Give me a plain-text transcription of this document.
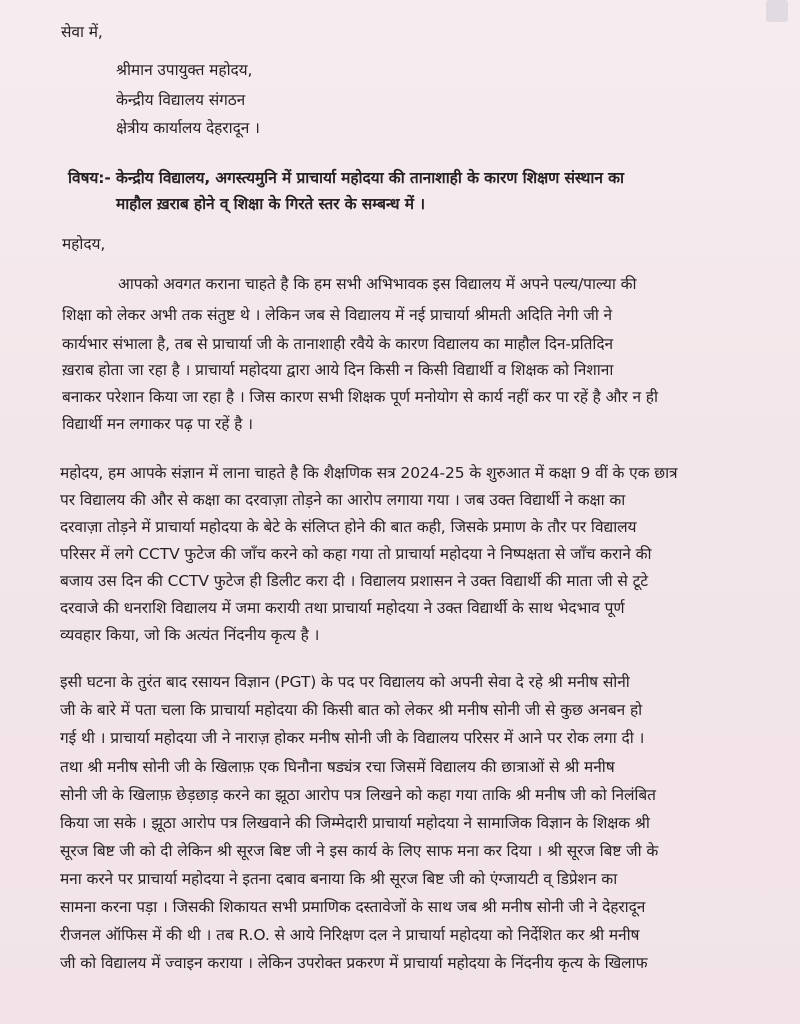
सेवा में,
श्रीमान उपायुक्त महोदय,
केन्द्रीय विद्यालय संगठन
क्षेत्रीय कार्यालय देहरादून ।
विषय:- केन्द्रीय विद्यालय, अगस्त्यमुनि में प्राचार्या महोदया की तानाशाही के कारण शिक्षण संस्थान का
माहौल ख़राब होने व् शिक्षा के गिरते स्तर के सम्बन्ध में ।
महोदय,
आपको अवगत कराना चाहते है कि हम सभी अभिभावक इस विद्यालय में अपने पल्य/पाल्या की
शिक्षा को लेकर अभी तक संतुष्ट थे । लेकिन जब से विद्यालय में नई प्राचार्या श्रीमती अदिति नेगी जी ने
कार्यभार संभाला है, तब से प्राचार्या जी के तानाशाही रवैये के कारण विद्यालय का माहौल दिन-प्रतिदिन
ख़राब होता जा रहा है । प्राचार्या महोदया द्वारा आये दिन किसी न किसी विद्यार्थी व शिक्षक को निशाना
बनाकर परेशान किया जा रहा है । जिस कारण सभी शिक्षक पूर्ण मनोयोग से कार्य नहीं कर पा रहें है और न ही
विद्यार्थी मन लगाकर पढ़ पा रहें है ।
महोदय, हम आपके संज्ञान में लाना चाहते है कि शैक्षणिक सत्र 2024-25 के शुरुआत में कक्षा 9 वीं के एक छात्र
पर विद्यालय की और से कक्षा का दरवाज़ा तोड़ने का आरोप लगाया गया । जब उक्त विद्यार्थी ने कक्षा का
दरवाज़ा तोड़ने में प्राचार्या महोदया के बेटे के संलिप्त होने की बात कही, जिसके प्रमाण के तौर पर विद्यालय
परिसर में लगे CCTV फुटेज की जाँच करने को कहा गया तो प्राचार्या महोदया ने निष्पक्षता से जाँच कराने की
बजाय उस दिन की CCTV फुटेज ही डिलीट करा दी । विद्यालय प्रशासन ने उक्त विद्यार्थी की माता जी से टूटे
दरवाजे की धनराशि विद्यालय में जमा करायी तथा प्राचार्या महोदया ने उक्त विद्यार्थी के साथ भेदभाव पूर्ण
व्यवहार किया, जो कि अत्यंत निंदनीय कृत्य है ।
इसी घटना के तुरंत बाद रसायन विज्ञान (PGT) के पद पर विद्यालय को अपनी सेवा दे रहे श्री मनीष सोनी
जी के बारे में पता चला कि प्राचार्या महोदया की किसी बात को लेकर श्री मनीष सोनी जी से कुछ अनबन हो
गई थी । प्राचार्या महोदया जी ने नाराज़ होकर मनीष सोनी जी के विद्यालय परिसर में आने पर रोक लगा दी ।
तथा श्री मनीष सोनी जी के खिलाफ़ एक घिनौना षड्यंत्र रचा जिसमें विद्यालय की छात्राओं से श्री मनीष
सोनी जी के खिलाफ़ छेड़छाड़ करने का झूठा आरोप पत्र लिखने को कहा गया ताकि श्री मनीष जी को निलंबित
किया जा सके । झूठा आरोप पत्र लिखवाने की जिम्मेदारी प्राचार्या महोदया ने सामाजिक विज्ञान के शिक्षक श्री
सूरज बिष्ट जी को दी लेकिन श्री सूरज बिष्ट जी ने इस कार्य के लिए साफ मना कर दिया । श्री सूरज बिष्ट जी के
मना करने पर प्राचार्या महोदया ने इतना दबाव बनाया कि श्री सूरज बिष्ट जी को एंग्जायटी व् डिप्रेशन का
सामना करना पड़ा । जिसकी शिकायत सभी प्रमाणिक दस्तावेजों के साथ जब श्री मनीष सोनी जी ने देहरादून
रीजनल ऑफिस में की थी । तब R.O. से आये निरिक्षण दल ने प्राचार्या महोदया को निर्देशित कर श्री मनीष
जी को विद्यालय में ज्वाइन कराया । लेकिन उपरोक्त प्रकरण में प्राचार्या महोदया के निंदनीय कृत्य के खिलाफ
